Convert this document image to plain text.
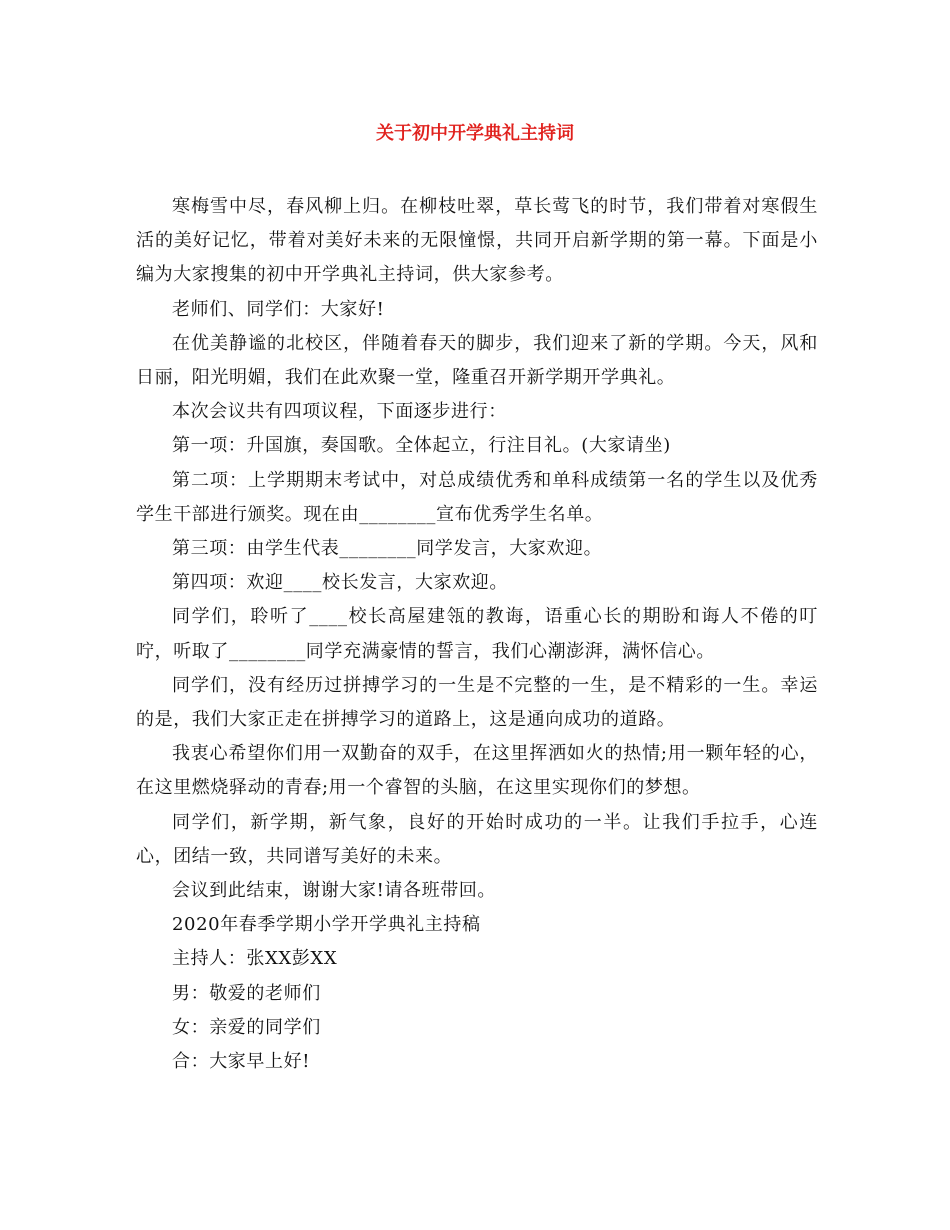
关于初中开学典礼主持词

寒梅雪中尽，春风柳上归。在柳枝吐翠，草长莺飞的时节，我们带着对寒假生活的美好记忆，带着对美好未来的无限憧憬，共同开启新学期的第一幕。下面是小编为大家搜集的初中开学典礼主持词，供大家参考。

老师们、同学们：大家好!

在优美静谧的北校区，伴随着春天的脚步，我们迎来了新的学期。今天，风和日丽，阳光明媚，我们在此欢聚一堂，隆重召开新学期开学典礼。

本次会议共有四项议程，下面逐步进行：

第一项：升国旗，奏国歌。全体起立，行注目礼。(大家请坐)

第二项：上学期期末考试中，对总成绩优秀和单科成绩第一名的学生以及优秀学生干部进行颁奖。现在由________宣布优秀学生名单。

第三项：由学生代表________同学发言，大家欢迎。

第四项：欢迎____校长发言，大家欢迎。

同学们，聆听了____校长高屋建瓴的教诲，语重心长的期盼和诲人不倦的叮咛，听取了________同学充满豪情的誓言，我们心潮澎湃，满怀信心。

同学们，没有经历过拼搏学习的一生是不完整的一生，是不精彩的一生。幸运的是，我们大家正走在拼搏学习的道路上，这是通向成功的道路。

我衷心希望你们用一双勤奋的双手，在这里挥洒如火的热情;用一颗年轻的心，在这里燃烧驿动的青春;用一个睿智的头脑，在这里实现你们的梦想。

同学们，新学期，新气象，良好的开始时成功的一半。让我们手拉手，心连心，团结一致，共同谱写美好的未来。

会议到此结束，谢谢大家!请各班带回。

2020年春季学期小学开学典礼主持稿

主持人：张XX彭XX

男：敬爱的老师们

女：亲爱的同学们

合：大家早上好!
